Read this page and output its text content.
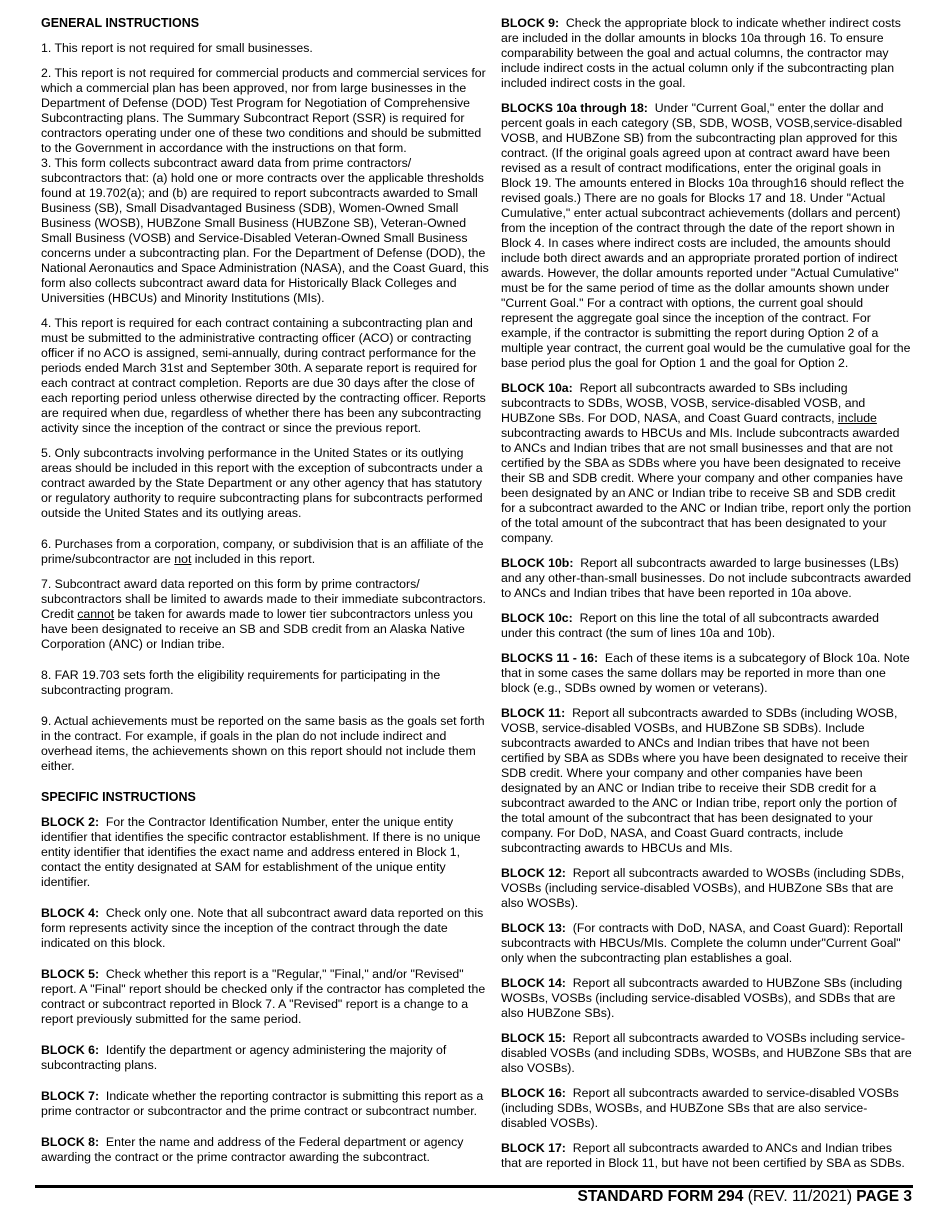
GENERAL INSTRUCTIONS

1. This report is not required for small businesses.

2. This report is not required for commercial products and commercial services for which a commercial plan has been approved, nor from large businesses in the Department of Defense (DOD) Test Program for Negotiation of Comprehensive Subcontracting plans. The Summary Subcontract Report (SSR) is required for contractors operating under one of these two conditions and should be submitted to the Government in accordance with the instructions on that form.

3. This form collects subcontract award data from prime contractors/ subcontractors that: (a) hold one or more contracts over the applicable thresholds found at 19.702(a); and (b) are required to report subcontracts awarded to Small Business (SB), Small Disadvantaged Business (SDB), Women-Owned Small Business (WOSB), HUBZone Small Business (HUBZone SB), Veteran-Owned Small Business (VOSB) and Service-Disabled Veteran-Owned Small Business concerns under a subcontracting plan. For the Department of Defense (DOD), the National Aeronautics and Space Administration (NASA), and the Coast Guard, this form also collects subcontract award data for Historically Black Colleges and Universities (HBCUs) and Minority Institutions (MIs).

4. This report is required for each contract containing a subcontracting plan and must be submitted to the administrative contracting officer (ACO) or contracting officer if no ACO is assigned, semi-annually, during contract performance for the periods ended March 31st and September 30th. A separate report is required for each contract at contract completion. Reports are due 30 days after the close of each reporting period unless otherwise directed by the contracting officer. Reports are required when due, regardless of whether there has been any subcontracting activity since the inception of the contract or since the previous report.

5. Only subcontracts involving performance in the United States or its outlying areas should be included in this report with the exception of subcontracts under a contract awarded by the State Department or any other agency that has statutory or regulatory authority to require subcontracting plans for subcontracts performed outside the United States and its outlying areas.

6. Purchases from a corporation, company, or subdivision that is an affiliate of the prime/subcontractor are not included in this report.

7. Subcontract award data reported on this form by prime contractors/ subcontractors shall be limited to awards made to their immediate subcontractors. Credit cannot be taken for awards made to lower tier subcontractors unless you have been designated to receive an SB and SDB credit from an Alaska Native Corporation (ANC) or Indian tribe.

8. FAR 19.703 sets forth the eligibility requirements for participating in the subcontracting program.

9. Actual achievements must be reported on the same basis as the goals set forth in the contract. For example, if goals in the plan do not include indirect and overhead items, the achievements shown on this report should not include them either.

SPECIFIC INSTRUCTIONS

BLOCK 2: For the Contractor Identification Number, enter the unique entity identifier that identifies the specific contractor establishment. If there is no unique entity identifier that identifies the exact name and address entered in Block 1, contact the entity designated at SAM for establishment of the unique entity identifier.

BLOCK 4: Check only one. Note that all subcontract award data reported on this form represents activity since the inception of the contract through the date indicated on this block.

BLOCK 5: Check whether this report is a "Regular," "Final," and/or "Revised" report. A "Final" report should be checked only if the contractor has completed the contract or subcontract reported in Block 7. A "Revised" report is a change to a report previously submitted for the same period.

BLOCK 6: Identify the department or agency administering the majority of subcontracting plans.

BLOCK 7: Indicate whether the reporting contractor is submitting this report as a prime contractor or subcontractor and the prime contract or subcontract number.

BLOCK 8: Enter the name and address of the Federal department or agency awarding the contract or the prime contractor awarding the subcontract.

BLOCK 9: Check the appropriate block to indicate whether indirect costs are included in the dollar amounts in blocks 10a through 16. To ensure comparability between the goal and actual columns, the contractor may include indirect costs in the actual column only if the subcontracting plan included indirect costs in the goal.

BLOCKS 10a through 18: Under "Current Goal," enter the dollar and percent goals in each category (SB, SDB, WOSB, VOSB,service-disabled VOSB, and HUBZone SB) from the subcontracting plan approved for this contract. (If the original goals agreed upon at contract award have been revised as a result of contract modifications, enter the original goals in Block 19. The amounts entered in Blocks 10a through16 should reflect the revised goals.) There are no goals for Blocks 17 and 18. Under "Actual Cumulative," enter actual subcontract achievements (dollars and percent) from the inception of the contract through the date of the report shown in Block 4. In cases where indirect costs are included, the amounts should include both direct awards and an appropriate prorated portion of indirect awards. However, the dollar amounts reported under "Actual Cumulative" must be for the same period of time as the dollar amounts shown under "Current Goal." For a contract with options, the current goal should represent the aggregate goal since the inception of the contract. For example, if the contractor is submitting the report during Option 2 of a multiple year contract, the current goal would be the cumulative goal for the base period plus the goal for Option 1 and the goal for Option 2.

BLOCK 10a: Report all subcontracts awarded to SBs including subcontracts to SDBs, WOSB, VOSB, service-disabled VOSB, and HUBZone SBs. For DOD, NASA, and Coast Guard contracts, include subcontracting awards to HBCUs and MIs. Include subcontracts awarded to ANCs and Indian tribes that are not small businesses and that are not certified by the SBA as SDBs where you have been designated to receive their SB and SDB credit. Where your company and other companies have been designated by an ANC or Indian tribe to receive SB and SDB credit for a subcontract awarded to the ANC or Indian tribe, report only the portion of the total amount of the subcontract that has been designated to your company.

BLOCK 10b: Report all subcontracts awarded to large businesses (LBs) and any other-than-small businesses. Do not include subcontracts awarded to ANCs and Indian tribes that have been reported in 10a above.

BLOCK 10c: Report on this line the total of all subcontracts awarded under this contract (the sum of lines 10a and 10b).

BLOCKS 11 - 16: Each of these items is a subcategory of Block 10a. Note that in some cases the same dollars may be reported in more than one block (e.g., SDBs owned by women or veterans).

BLOCK 11: Report all subcontracts awarded to SDBs (including WOSB, VOSB, service-disabled VOSBs, and HUBZone SB SDBs). Include subcontracts awarded to ANCs and Indian tribes that have not been certified by SBA as SDBs where you have been designated to receive their SDB credit. Where your company and other companies have been designated by an ANC or Indian tribe to receive their SDB credit for a subcontract awarded to the ANC or Indian tribe, report only the portion of the total amount of the subcontract that has been designated to your company. For DoD, NASA, and Coast Guard contracts, include subcontracting awards to HBCUs and MIs.

BLOCK 12: Report all subcontracts awarded to WOSBs (including SDBs, VOSBs (including service-disabled VOSBs), and HUBZone SBs that are also WOSBs).

BLOCK 13: (For contracts with DoD, NASA, and Coast Guard): Reportall subcontracts with HBCUs/MIs. Complete the column under"Current Goal" only when the subcontracting plan establishes a goal.

BLOCK 14: Report all subcontracts awarded to HUBZone SBs (including WOSBs, VOSBs (including service-disabled VOSBs), and SDBs that are also HUBZone SBs).

BLOCK 15: Report all subcontracts awarded to VOSBs including service-disabled VOSBs (and including SDBs, WOSBs, and HUBZone SBs that are also VOSBs).

BLOCK 16: Report all subcontracts awarded to service-disabled VOSBs (including SDBs, WOSBs, and HUBZone SBs that are also service-disabled VOSBs).

BLOCK 17: Report all subcontracts awarded to ANCs and Indian tribes that are reported in Block 11, but have not been certified by SBA as SDBs.

STANDARD FORM 294 (REV. 11/2021) PAGE 3
